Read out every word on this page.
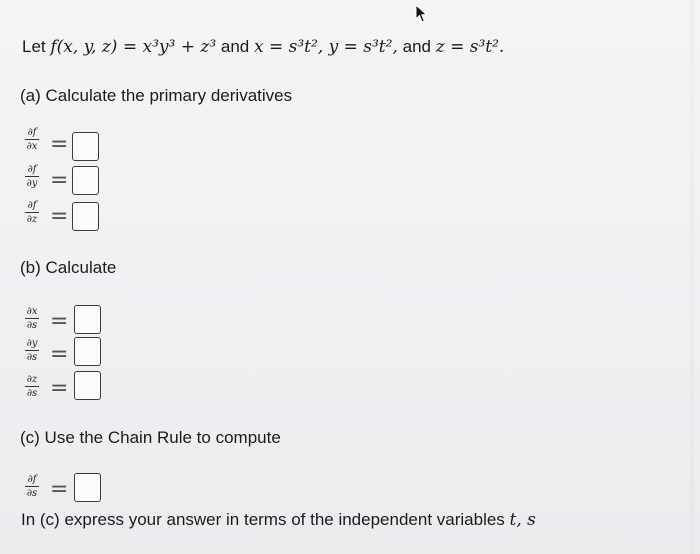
Let f(x, y, z) = x³y³ + z³ and x = s³t², y = s³t², and z = s³t².
(a) Calculate the primary derivatives
$\frac{\partial f}{\partial x}$ =
$\frac{\partial f}{\partial y}$ =
$\frac{\partial f}{\partial z}$ =
(b) Calculate
$\frac{\partial x}{\partial s}$ =
$\frac{\partial y}{\partial s}$ =
$\frac{\partial z}{\partial s}$ =
(c) Use the Chain Rule to compute
$\frac{\partial f}{\partial s}$ =
In (c) express your answer in terms of the independent variables t, s
